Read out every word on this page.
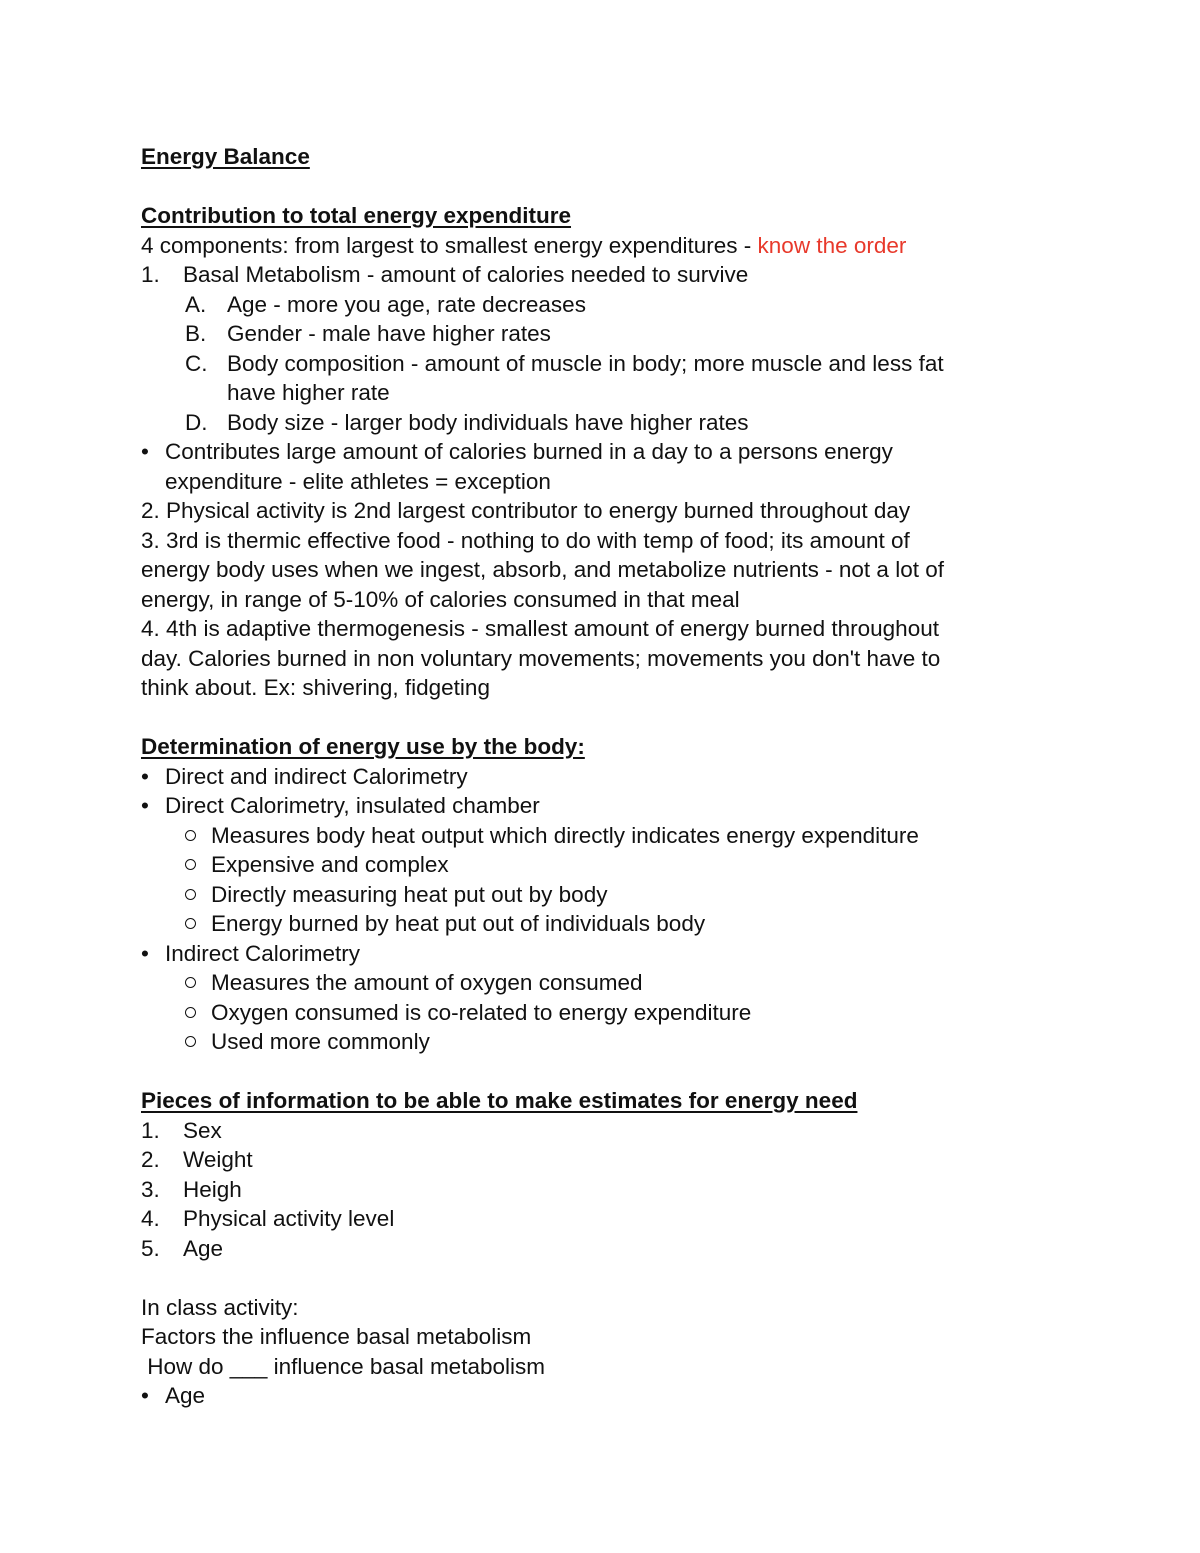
Energy Balance

Contribution to total energy expenditure

4 components: from largest to smallest energy expenditures - know the order

1. Basal Metabolism - amount of calories needed to survive

A. Age - more you age, rate decreases

B. Gender - male have higher rates

C. Body composition - amount of muscle in body; more muscle and less fat

have higher rate

D. Body size - larger body individuals have higher rates

• Contributes large amount of calories burned in a day to a persons energy

expenditure - elite athletes = exception

2. Physical activity is 2nd largest contributor to energy burned throughout day

3. 3rd is thermic effective food - nothing to do with temp of food; its amount of

energy body uses when we ingest, absorb, and metabolize nutrients - not a lot of

energy, in range of 5-10% of calories consumed in that meal

4. 4th is adaptive thermogenesis - smallest amount of energy burned throughout

day. Calories burned in non voluntary movements; movements you don't have to

think about. Ex: shivering, fidgeting

Determination of energy use by the body:

• Direct and indirect Calorimetry

• Direct Calorimetry, insulated chamber

Measures body heat output which directly indicates energy expenditure

Expensive and complex

Directly measuring heat put out by body

Energy burned by heat put out of individuals body

• Indirect Calorimetry

Measures the amount of oxygen consumed

Oxygen consumed is co-related to energy expenditure

Used more commonly

Pieces of information to be able to make estimates for energy need

1. Sex

2. Weight

3. Heigh

4. Physical activity level

5. Age

In class activity:

Factors the influence basal metabolism

How do ___ influence basal metabolism

• Age
